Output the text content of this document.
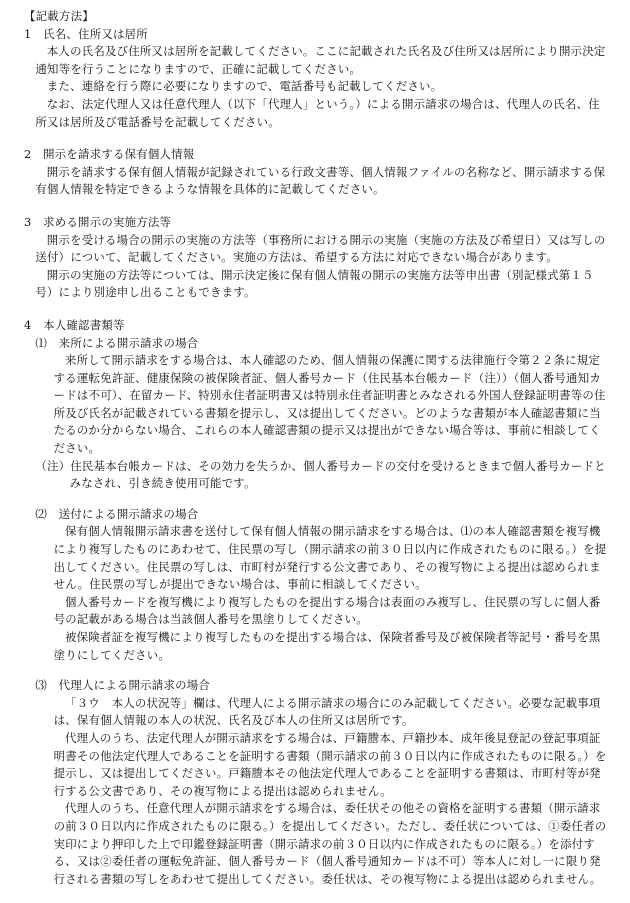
【記載方法】

1　氏名、住所又は居所

本人の氏名及び住所又は居所を記載してください。ここに記載された氏名及び住所又は居所により開示決定通知等を行うことになりますので、正確に記載してください。

また、連絡を行う際に必要になりますので、電話番号も記載してください。

なお、法定代理人又は任意代理人（以下「代理人」という。）による開示請求の場合は、代理人の氏名、住所又は居所及び電話番号を記載してください。

2　開示を請求する保有個人情報

開示を請求する保有個人情報が記録されている行政文書等、個人情報ファイルの名称など、開示請求する保有個人情報を特定できるような情報を具体的に記載してください。

3　求める開示の実施方法等

開示を受ける場合の開示の実施の方法等（事務所における開示の実施（実施の方法及び希望日）又は写しの送付）について、記載してください。実施の方法は、希望する方法に対応できない場合があります。

開示の実施の方法等については、開示決定後に保有個人情報の開示の実施方法等申出書（別記様式第１５号）により別途申し出ることもできます。

4　本人確認書類等

⑴　来所による開示請求の場合

来所して開示請求をする場合は、本人確認のため、個人情報の保護に関する法律施行令第２２条に規定する運転免許証、健康保険の被保険者証、個人番号カード（住民基本台帳カード（注））（個人番号通知カードは不可）、在留カード、特別永住者証明書又は特別永住者証明書とみなされる外国人登録証明書等の住所及び氏名が記載されている書類を提示し、又は提出してください。どのような書類が本人確認書類に当たるのか分からない場合、これらの本人確認書類の提示又は提出ができない場合等は、事前に相談してください。

（注）住民基本台帳カードは、その効力を失うか、個人番号カードの交付を受けるときまで個人番号カードとみなされ、引き続き使用可能です。

⑵　送付による開示請求の場合

保有個人情報開示請求書を送付して保有個人情報の開示請求をする場合は、⑴の本人確認書類を複写機により複写したものにあわせて、住民票の写し（開示請求の前３０日以内に作成されたものに限る。）を提出してください。住民票の写しは、市町村が発行する公文書であり、その複写物による提出は認められません。住民票の写しが提出できない場合は、事前に相談してください。

個人番号カードを複写機により複写したものを提出する場合は表面のみ複写し、住民票の写しに個人番号の記載がある場合は当該個人番号を黒塗りしてください。

被保険者証を複写機により複写したものを提出する場合は、保険者番号及び被保険者等記号・番号を黒塗りにしてください。

⑶　代理人による開示請求の場合

「３ウ　本人の状況等」欄は、代理人による開示請求の場合にのみ記載してください。必要な記載事項は、保有個人情報の本人の状況、氏名及び本人の住所又は居所です。

代理人のうち、法定代理人が開示請求をする場合は、戸籍謄本、戸籍抄本、成年後見登記の登記事項証明書その他法定代理人であることを証明する書類（開示請求の前３０日以内に作成されたものに限る。）を提示し、又は提出してください。戸籍謄本その他法定代理人であることを証明する書類は、市町村等が発行する公文書であり、その複写物による提出は認められません。

代理人のうち、任意代理人が開示請求をする場合は、委任状その他その資格を証明する書類（開示請求の前３０日以内に作成されたものに限る。）を提出してください。ただし、委任状については、①委任者の実印により押印した上で印鑑登録証明書（開示請求の前３０日以内に作成されたものに限る。）を添付する、又は②委任者の運転免許証、個人番号カード（個人番号通知カードは不可）等本人に対し一に限り発行される書類の写しをあわせて提出してください。委任状は、その複写物による提出は認められません。
